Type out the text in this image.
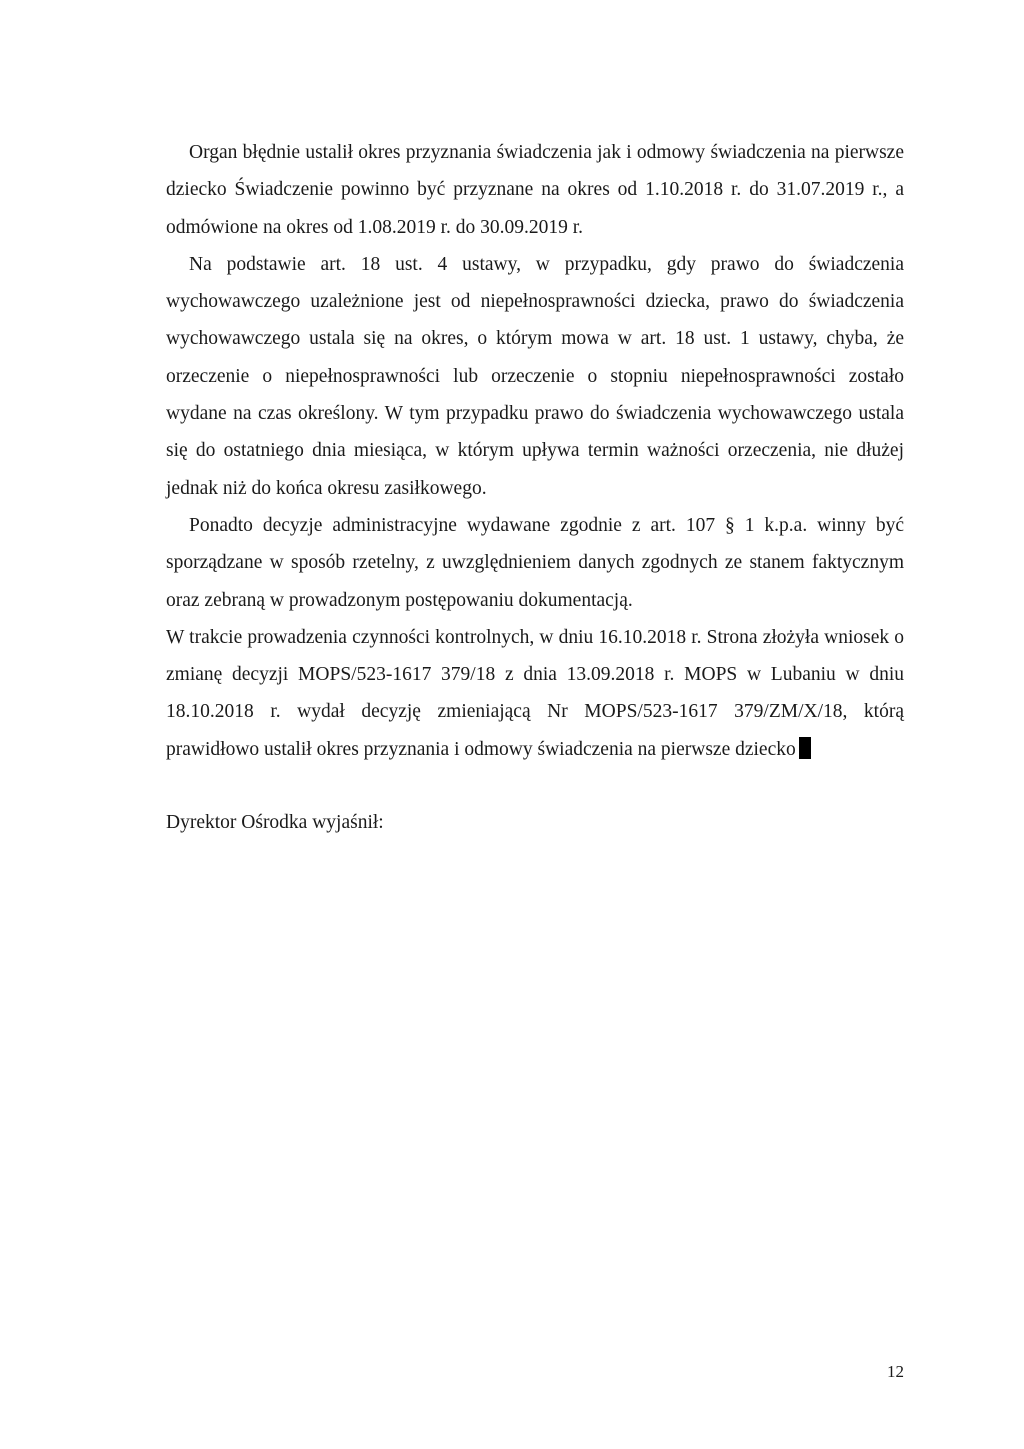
Organ błędnie ustalił okres przyznania świadczenia jak i odmowy świadczenia na pierwsze dziecko Świadczenie powinno być przyznane na okres od 1.10.2018 r. do 31.07.2019 r., a odmówione na okres od 1.08.2019 r. do 30.09.2019 r.

Na podstawie art. 18 ust. 4 ustawy, w przypadku, gdy prawo do świadczenia wychowawczego uzależnione jest od niepełnosprawności dziecka, prawo do świadczenia wychowawczego ustala się na okres, o którym mowa w art. 18 ust. 1 ustawy, chyba, że orzeczenie o niepełnosprawności lub orzeczenie o stopniu niepełnosprawności zostało wydane na czas określony. W tym przypadku prawo do świadczenia wychowawczego ustala się do ostatniego dnia miesiąca, w którym upływa termin ważności orzeczenia, nie dłużej jednak niż do końca okresu zasiłkowego.

Ponadto decyzje administracyjne wydawane zgodnie z art. 107 § 1 k.p.a. winny być sporządzane w sposób rzetelny, z uwzględnieniem danych zgodnych ze stanem faktycznym oraz zebraną w prowadzonym postępowaniu dokumentacją.

W trakcie prowadzenia czynności kontrolnych, w dniu 16.10.2018 r. Strona złożyła wniosek o zmianę decyzji MOPS/523-1617 379/18 z dnia 13.09.2018 r. MOPS w Lubaniu w dniu 18.10.2018 r. wydał decyzję zmieniającą Nr MOPS/523-1617 379/ZM/X/18, którą prawidłowo ustalił okres przyznania i odmowy świadczenia na pierwsze dziecko

Dyrektor Ośrodka wyjaśnił:

12
